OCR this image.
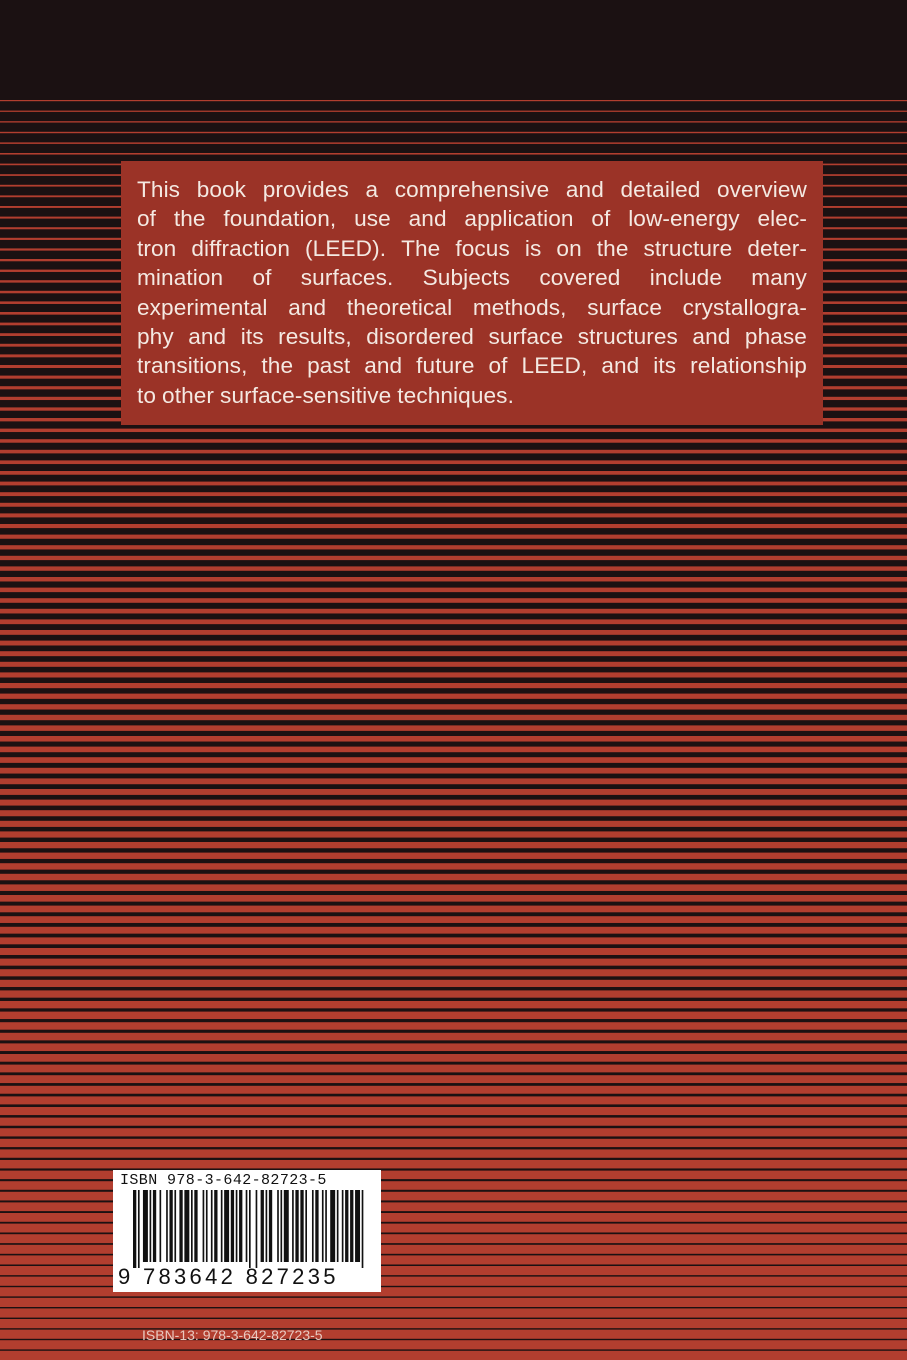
This book provides a comprehensive and detailed overview
of the foundation, use and application of low-energy elec-
tron diffraction (LEED). The focus is on the structure deter-
mination of surfaces. Subjects covered include many
experimental and theoretical methods, surface crystallogra-
phy and its results, disordered surface structures and phase
transitions, the past and future of LEED, and its relationship
to other surface-sensitive techniques.
ISBN 978-3-642-82723-5
9 783642 827235
ISBN-13: 978-3-642-82723-5
